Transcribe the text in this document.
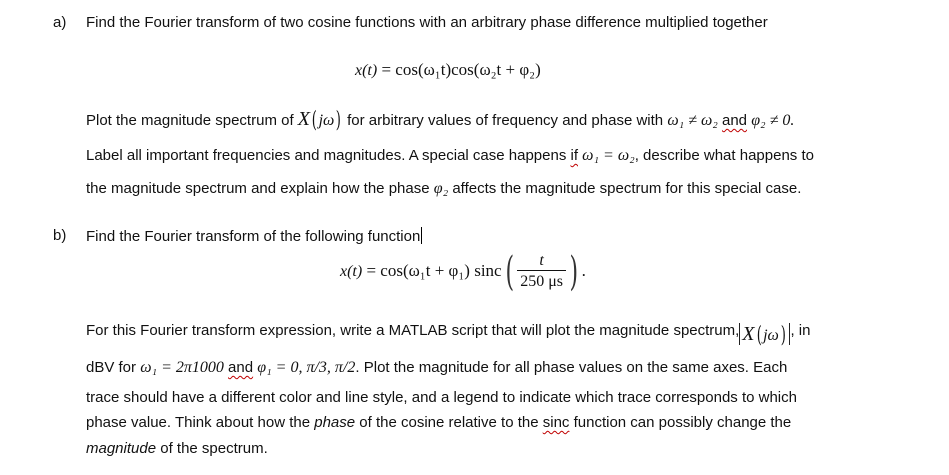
a) Find the Fourier transform of two cosine functions with an arbitrary phase difference multiplied together
x(t) = cos(ω₁t)cos(ω₂t + φ₂)
Plot the magnitude spectrum of X( jω) for arbitrary values of frequency and phase with ω₁ ≠ ω₂ and φ₂ ≠ 0.
Label all important frequencies and magnitudes. A special case happens if ω₁ = ω₂, describe what happens to
the magnitude spectrum and explain how the phase φ₂ affects the magnitude spectrum for this special case.
b) Find the Fourier transform of the following function
x(t) = cos(ω₁t + φ₁) $\sin c( \frac{t}{250 \mu s}$ ) .
For this Fourier transform expression, write a MATLAB script that will plot the magnitude spectrum, X( jω) , in
dBV for ω₁ = 2π1000 and φ₁ = 0, π/3, π/2. Plot the magnitude for all phase values on the same axes. Each
trace should have a different color and line style, and a legend to indicate which trace corresponds to which
phase value. Think about how the phase of the cosine relative to the sinc function can possibly change the
magnitude of the spectrum.
